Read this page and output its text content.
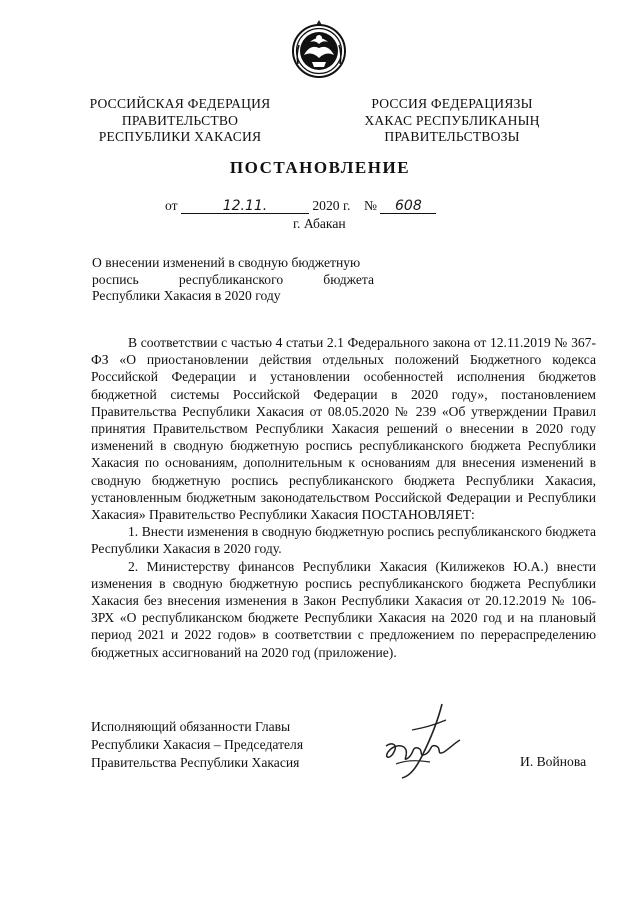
РОССИЙСКАЯ ФЕДЕРАЦИЯ
ПРАВИТЕЛЬСТВО
РЕСПУБЛИКИ ХАКАСИЯ
РОССИЯ ФЕДЕРАЦИЯЗЫ
ХАКАС РЕСПУБЛИКАНЫҢ
ПРАВИТЕЛЬСТВОЗЫ
ПОСТАНОВЛЕНИЕ
от	12.11.	2020 г. № 608
г. Абакан
О внесении изменений в сводную бюджетную
роспись республиканского бюджета
Республики Хакасия в 2020 году

В соответствии с частью 4 статьи 2.1 Федерального закона от 12.11.2019 № 367-ФЗ «О приостановлении действия отдельных положений Бюджетного кодекса Российской Федерации и установлении особенностей исполнения бюджетов бюджетной системы Российской Федерации в 2020 году», постановлением Правительства Республики Хакасия от 08.05.2020 № 239 «Об утверждении Правил принятия Правительством Республики Хакасия решений о внесении в 2020 году изменений в сводную бюджетную роспись республиканского бюджета Республики Хакасия по основаниям, дополнительным к основаниям для внесения изменений в сводную бюджетную роспись республиканского бюджета Республики Хакасия, установленным бюджетным законодательством Российской Федерации и Республики Хакасия» Правительство Республики Хакасия ПОСТАНОВЛЯЕТ:

1. Внести изменения в сводную бюджетную роспись республиканского бюджета Республики Хакасия в 2020 году.

2. Министерству финансов Республики Хакасия (Килижеков Ю.А.) внести изменения в сводную бюджетную роспись республиканского бюджета Республики Хакасия без внесения изменения в Закон Республики Хакасия от 20.12.2019 № 106-ЗРХ «О республиканском бюджете Республики Хакасия на 2020 год и на плановый период 2021 и 2022 годов» в соответствии с предложением по перераспределению бюджетных ассигнований на 2020 год (приложение).

Исполняющий обязанности Главы
Республики Хакасия – Председателя
Правительства Республики Хакасия	И. Войнова
